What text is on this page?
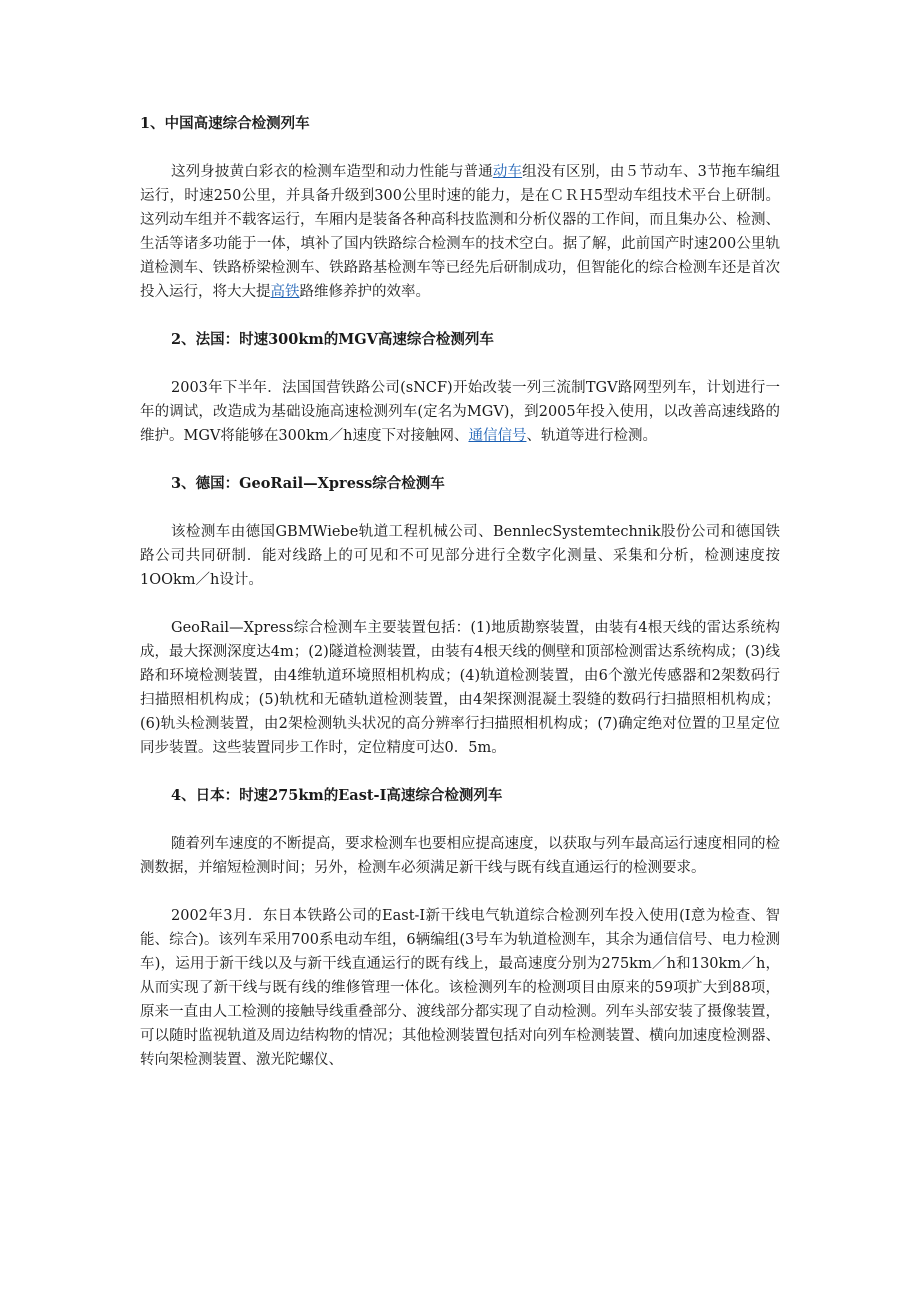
1、中国高速综合检测列车

这列身披黄白彩衣的检测车造型和动力性能与普通动车组没有区别，由５节动车、3节拖车编组运行，时速250公里，并具备升级到300公里时速的能力，是在ＣＲＨ5型动车组技术平台上研制。这列动车组并不载客运行，车厢内是装备各种高科技监测和分析仪器的工作间，而且集办公、检测、生活等诸多功能于一体，填补了国内铁路综合检测车的技术空白。据了解，此前国产时速200公里轨道检测车、铁路桥梁检测车、铁路路基检测车等已经先后研制成功，但智能化的综合检测车还是首次投入运行，将大大提高铁路维修养护的效率。

2、法国：时速300km的MGV高速综合检测列车

2003年下半年．法国国营铁路公司(sNCF)开始改装一列三流制TGV路网型列车，计划进行一年的调试，改造成为基础设施高速检测列车(定名为MGV)，到2005年投入使用，以改善高速线路的维护。MGV将能够在300km／h速度下对接触网、通信信号、轨道等进行检测。

3、德国：GeoRail—Xpress综合检测车

该检测车由德国GBMWiebe轨道工程机械公司、BennlecSystemtechnik股份公司和德国铁路公司共同研制．能对线路上的可见和不可见部分进行全数字化测量、采集和分析，检测速度按1OOkm／h设计。

GeoRail—Xpress综合检测车主要装置包括：(1)地质勘察装置，由装有4根天线的雷达系统构成，最大探测深度达4m；(2)隧道检测装置，由装有4根天线的侧壁和顶部检测雷达系统构成；(3)线路和环境检测装置，由4维轨道环境照相机构成；(4)轨道检测装置，由6个激光传感器和2架数码行扫描照相机构成；(5)轨枕和无碴轨道检测装置，由4架探测混凝土裂缝的数码行扫描照相机构成；(6)轨头检测装置，由2架检测轨头状况的高分辨率行扫描照相机构成；(7)确定绝对位置的卫星定位同步装置。这些装置同步工作时，定位精度可达0．5m。

4、日本：时速275km的East-I高速综合检测列车

随着列车速度的不断提高，要求检测车也要相应提高速度，以获取与列车最高运行速度相同的检测数据，并缩短检测时间；另外，检测车必须满足新干线与既有线直通运行的检测要求。

2002年3月．东日本铁路公司的East-I新干线电气轨道综合检测列车投入使用(I意为检查、智能、综合)。该列车采用700系电动车组，6辆编组(3号车为轨道检测车，其余为通信信号、电力检测车)，运用于新干线以及与新干线直通运行的既有线上，最高速度分别为275km／h和130km／h，从而实现了新干线与既有线的维修管理一体化。该检测列车的检测项目由原来的59项扩大到88项，原来一直由人工检测的接触导线重叠部分、渡线部分都实现了自动检测。列车头部安装了摄像装置，可以随时监视轨道及周边结构物的情况；其他检测装置包括对向列车检测装置、横向加速度检测器、转向架检测装置、激光陀螺仪、
